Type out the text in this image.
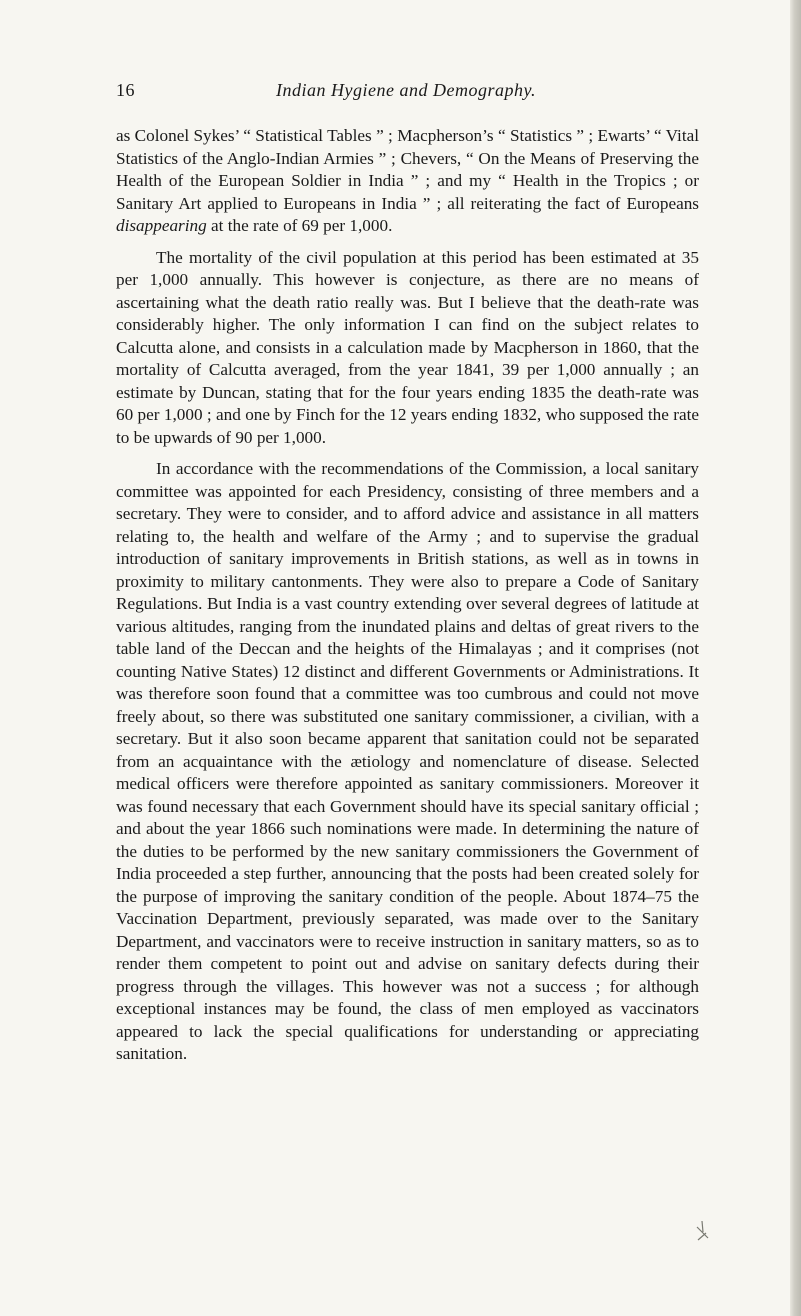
16	Indian Hygiene and Demography.

as Colonel Sykes’ “ Statistical Tables ” ; Macpherson’s “ Statistics ” ; Ewarts’ “ Vital Statistics of the Anglo-Indian Armies ” ; Chevers, “ On the Means of Preserving the Health of the European Soldier in India ” ; and my “ Health in the Tropics ; or Sanitary Art applied to Europeans in India ” ; all reiterating the fact of Europeans disappearing at the rate of 69 per 1,000.

The mortality of the civil population at this period has been estimated at 35 per 1,000 annually. This however is conjecture, as there are no means of ascertaining what the death ratio really was. But I believe that the death-rate was considerably higher. The only information I can find on the subject relates to Calcutta alone, and consists in a calculation made by Macpherson in 1860, that the mortality of Calcutta averaged, from the year 1841, 39 per 1,000 annually ; an estimate by Duncan, stating that for the four years ending 1835 the death-rate was 60 per 1,000 ; and one by Finch for the 12 years ending 1832, who supposed the rate to be upwards of 90 per 1,000.

In accordance with the recommendations of the Commission, a local sanitary committee was appointed for each Presidency, consisting of three members and a secretary. They were to consider, and to afford advice and assistance in all matters relating to, the health and welfare of the Army ; and to supervise the gradual introduction of sanitary improvements in British stations, as well as in towns in proximity to military cantonments. They were also to prepare a Code of Sanitary Regulations. But India is a vast country extending over several degrees of latitude at various altitudes, ranging from the inundated plains and deltas of great rivers to the table land of the Deccan and the heights of the Himalayas ; and it comprises (not counting Native States) 12 distinct and different Governments or Administrations. It was therefore soon found that a committee was too cumbrous and could not move freely about, so there was substituted one sanitary commissioner, a civilian, with a secretary. But it also soon became apparent that sanitation could not be separated from an acquaintance with the ætiology and nomenclature of disease. Selected medical officers were therefore appointed as sanitary commissioners. Moreover it was found necessary that each Government should have its special sanitary official ; and about the year 1866 such nominations were made. In determining the nature of the duties to be performed by the new sanitary commissioners the Government of India proceeded a step further, announcing that the posts had been created solely for the purpose of improving the sanitary condition of the people. About 1874–75 the Vaccination Department, previously separated, was made over to the Sanitary Department, and vaccinators were to receive instruction in sanitary matters, so as to render them competent to point out and advise on sanitary defects during their progress through the villages. This however was not a success ; for although exceptional instances may be found, the class of men employed as vaccinators appeared to lack the special qualifications for understanding or appreciating sanitation.
